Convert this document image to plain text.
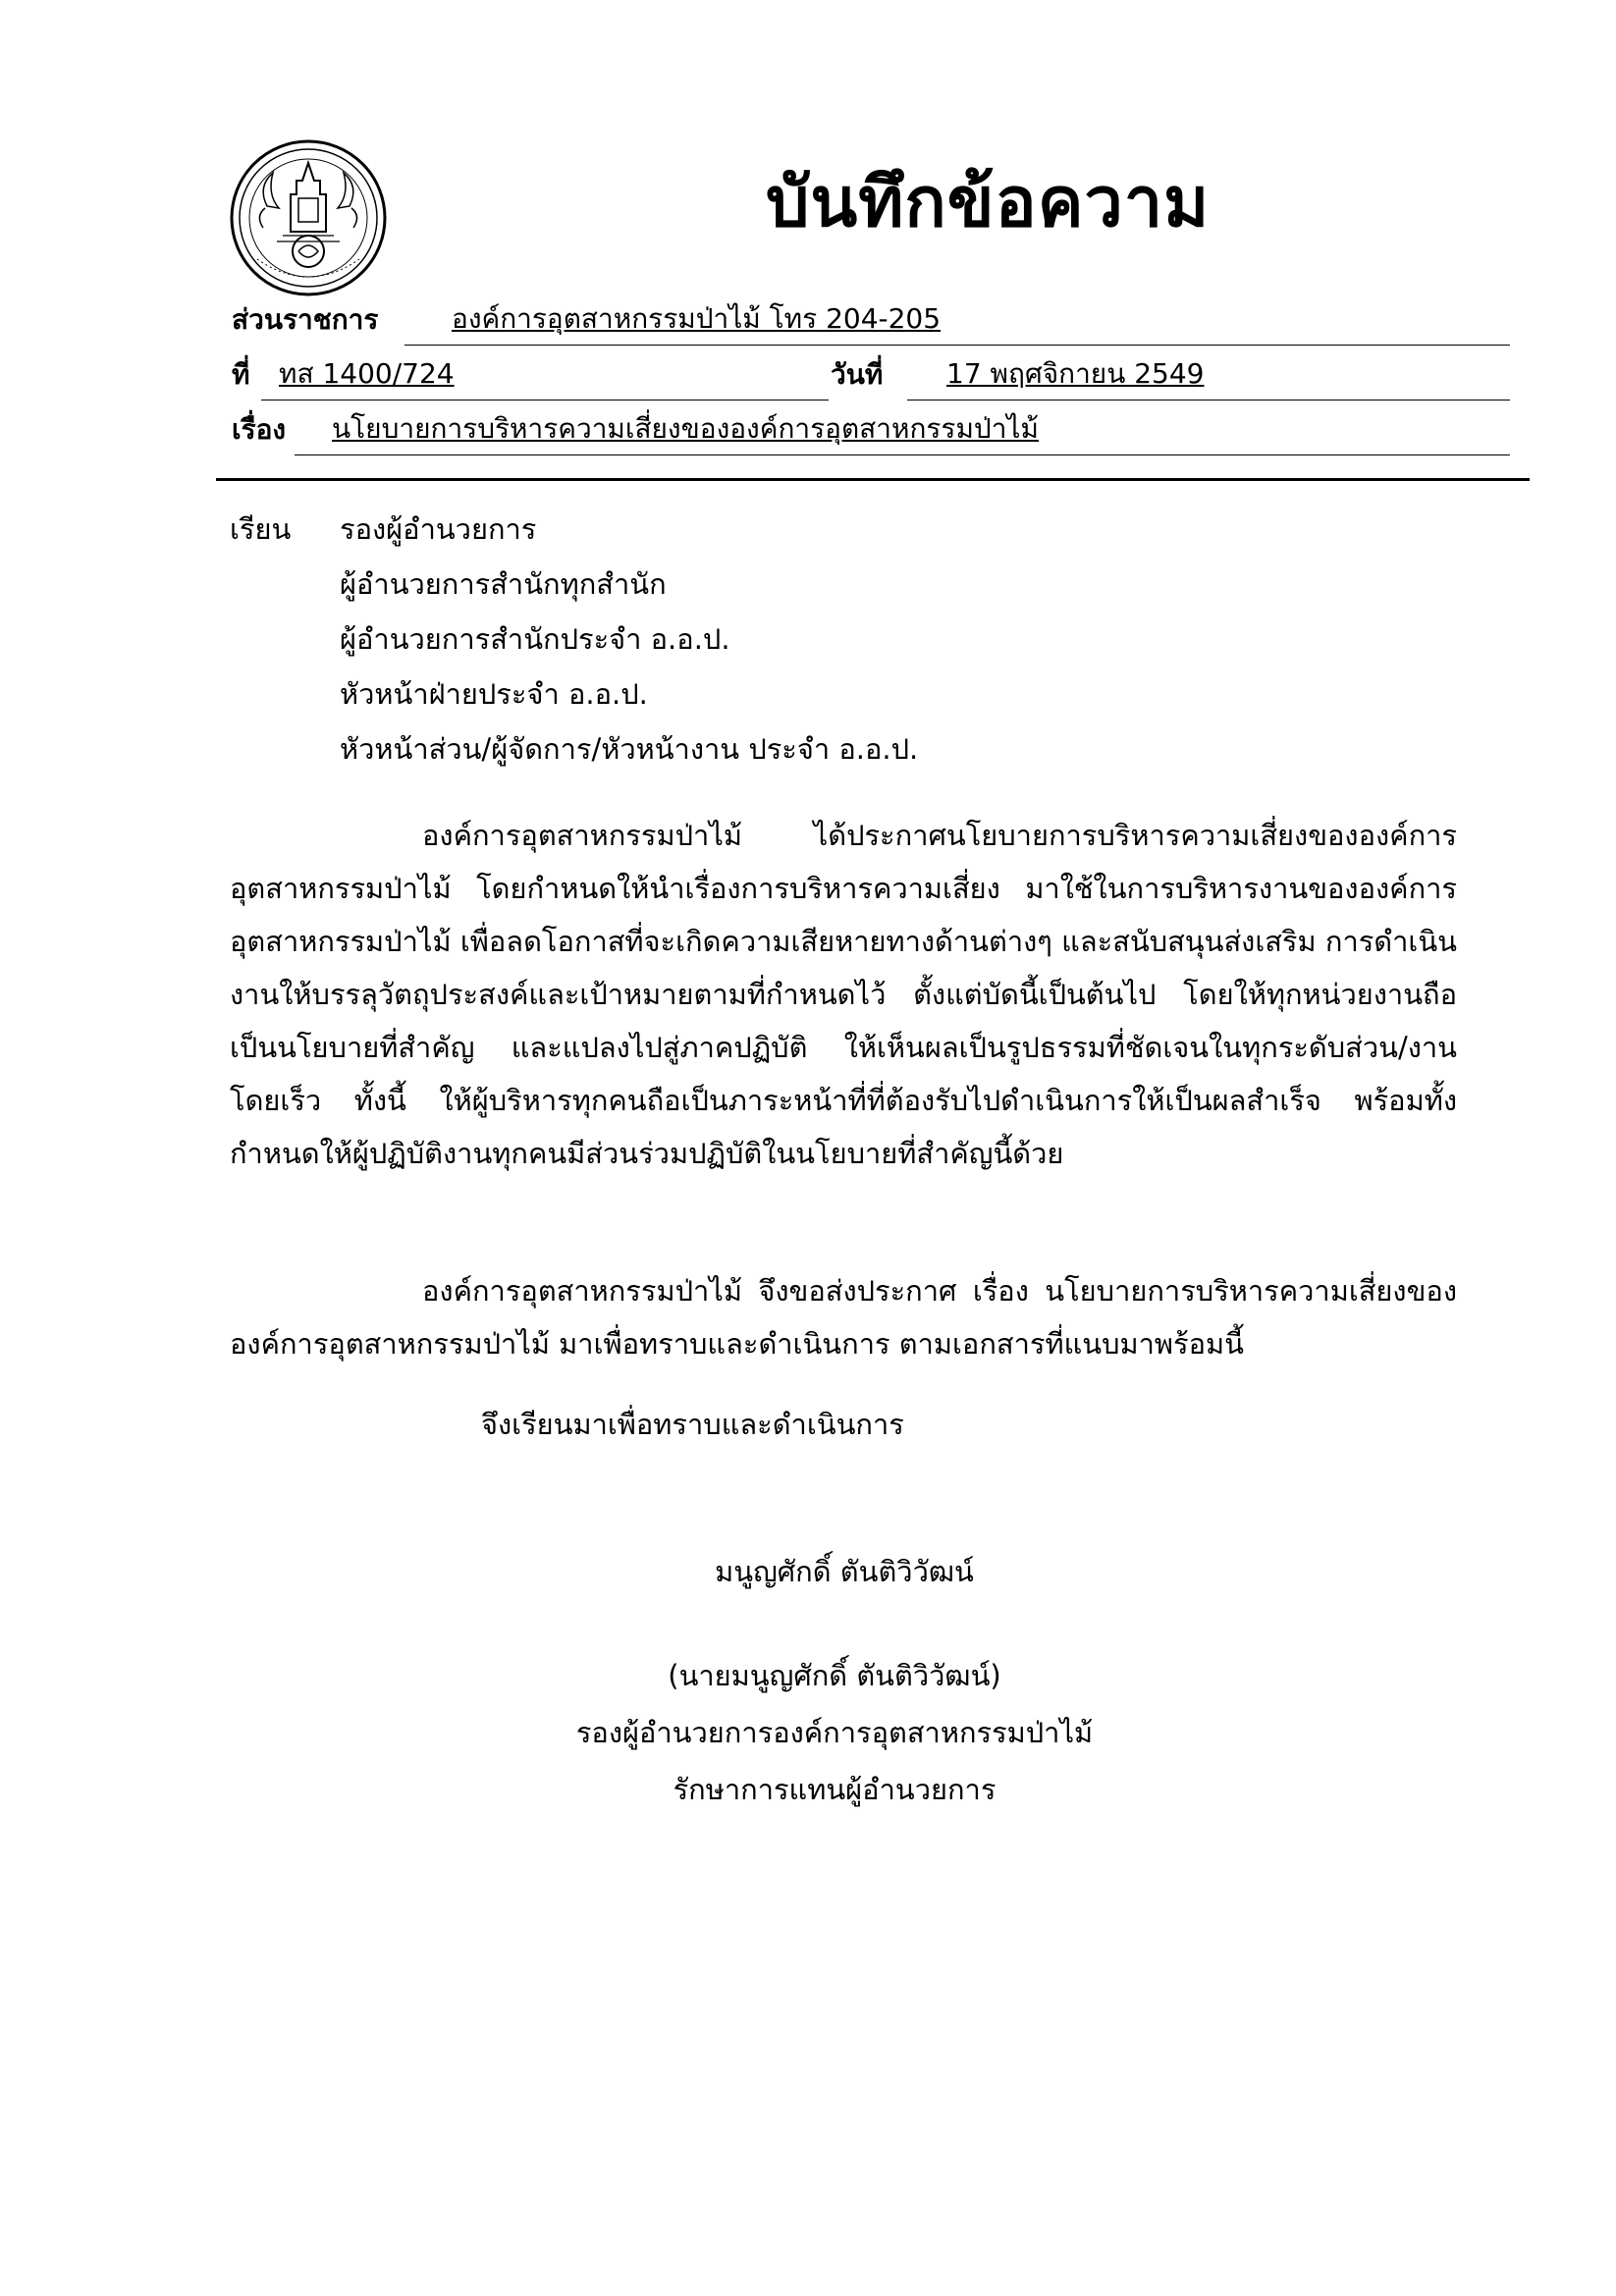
บันทึกข้อความ
ส่วนราชการ	องค์การอุตสาหกรรมป่าไม้ โทร 204-205
ที่ ทส 1400/724	วันที่ 17 พฤศจิกายน 2549
เรื่อง นโยบายการบริหารความเสี่ยงขององค์การอุตสาหกรรมป่าไม้
เรียน รองผู้อำนวยการ
ผู้อำนวยการสำนักทุกสำนัก
ผู้อำนวยการสำนักประจำ อ.อ.ป.
หัวหน้าฝ่ายประจำ อ.อ.ป.
หัวหน้าส่วน/ผู้จัดการ/หัวหน้างาน ประจำ อ.อ.ป.
องค์การอุตสาหกรรมป่าไม้ ได้ประกาศนโยบายการบริหารความเสี่ยงขององค์การอุตสาหกรรมป่าไม้ โดยกำหนดให้นำเรื่องการบริหารความเสี่ยง มาใช้ในการบริหารงานขององค์การอุตสาหกรรมป่าไม้ เพื่อลดโอกาสที่จะเกิดความเสียหายทางด้านต่างๆ และสนับสนุนส่งเสริม การดำเนินงานให้บรรลุวัตถุประสงค์และเป้าหมายตามที่กำหนดไว้ ตั้งแต่บัดนี้เป็นต้นไป โดยให้ทุกหน่วยงานถือเป็นนโยบายที่สำคัญ และแปลงไปสู่ภาคปฏิบัติ ให้เห็นผลเป็นรูปธรรมที่ชัดเจนในทุกระดับส่วน/งาน โดยเร็ว ทั้งนี้ ให้ผู้บริหารทุกคนถือเป็นภาระหน้าที่ที่ต้องรับไปดำเนินการให้เป็นผลสำเร็จ พร้อมทั้ง กำหนดให้ผู้ปฏิบัติงานทุกคนมีส่วนร่วมปฏิบัติในนโยบายที่สำคัญนี้ด้วย
องค์การอุตสาหกรรมป่าไม้ จึงขอส่งประกาศ เรื่อง นโยบายการบริหารความเสี่ยงขององค์การอุตสาหกรรมป่าไม้ มาเพื่อทราบและดำเนินการ ตามเอกสารที่แนบมาพร้อมนี้
จึงเรียนมาเพื่อทราบและดำเนินการ
มนูญศักดิ์ ตันติวิวัฒน์
(นายมนูญศักดิ์ ตันติวิวัฒน์)
รองผู้อำนวยการองค์การอุตสาหกรรมป่าไม้
รักษาการแทนผู้อำนวยการ
